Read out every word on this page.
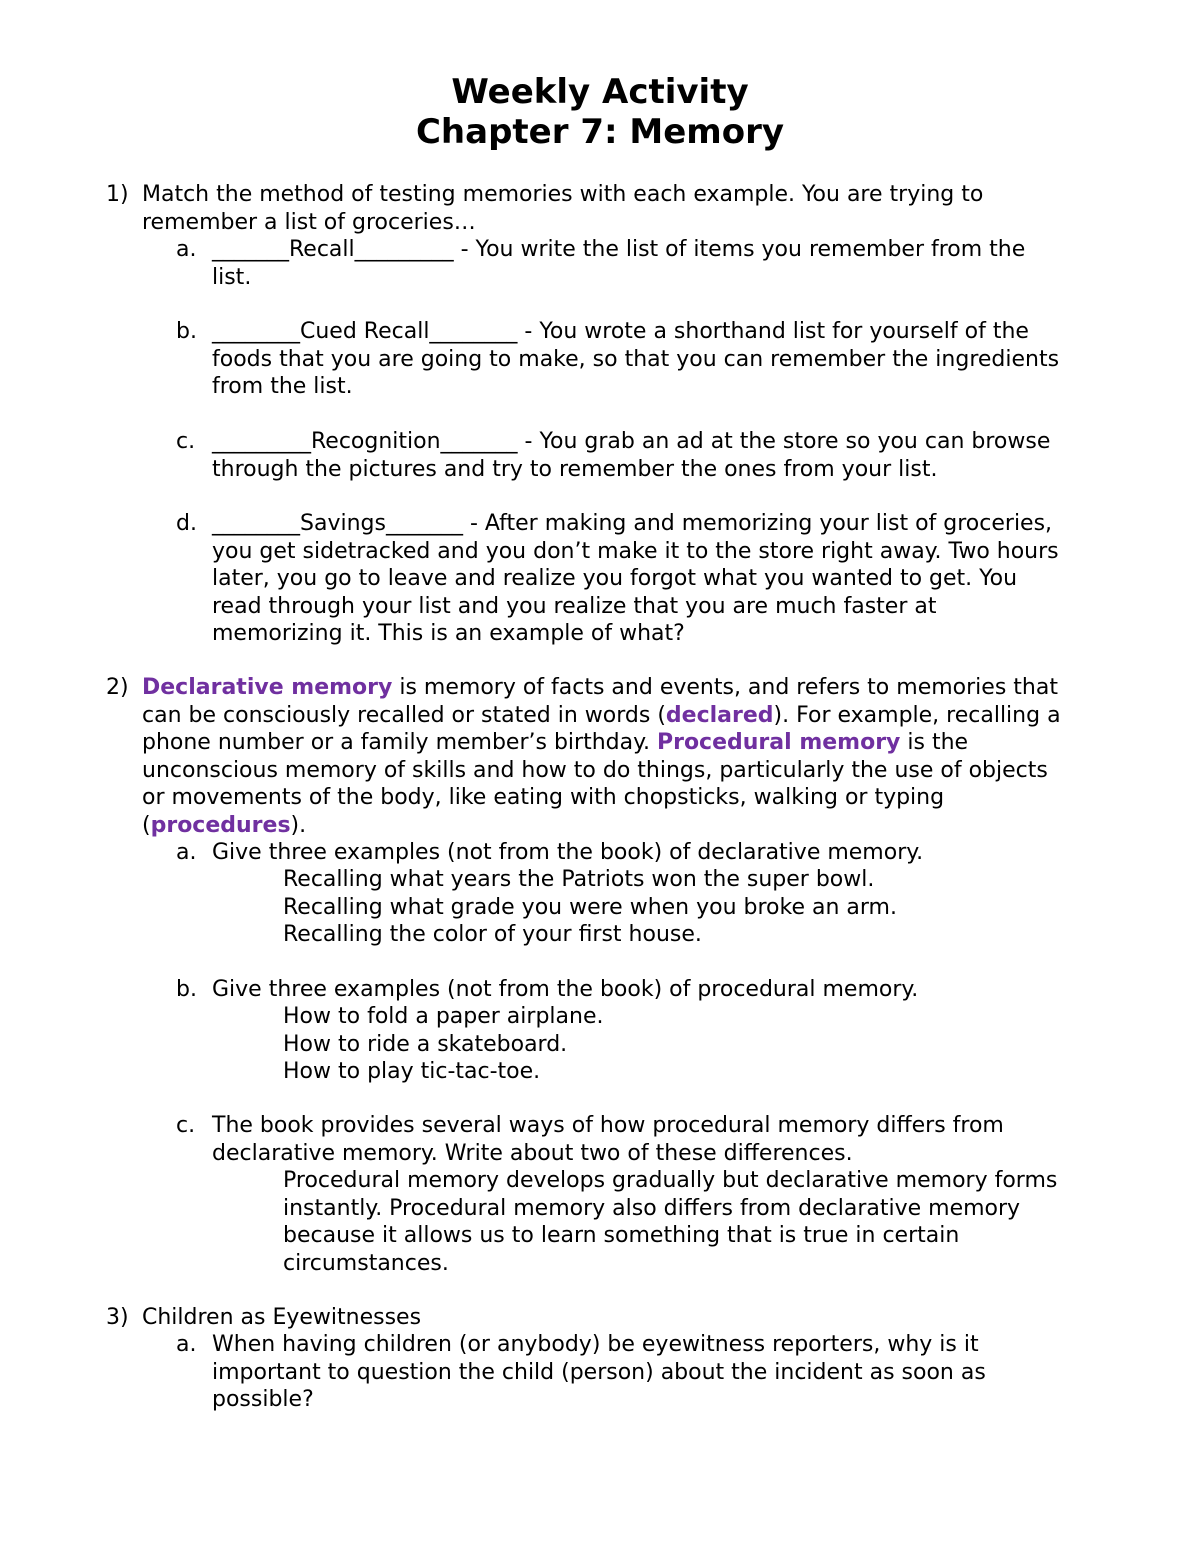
Weekly Activity
Chapter 7: Memory
1) Match the method of testing memories with each example. You are trying to
remember a list of groceries…
a. _______Recall_________ - You write the list of items you remember from the
list.
b. ________Cued Recall________ - You wrote a shorthand list for yourself of the
foods that you are going to make, so that you can remember the ingredients
from the list.
c. _________Recognition_______ - You grab an ad at the store so you can browse
through the pictures and try to remember the ones from your list.
d. ________Savings_______ - After making and memorizing your list of groceries,
you get sidetracked and you don’t make it to the store right away. Two hours
later, you go to leave and realize you forgot what you wanted to get. You
read through your list and you realize that you are much faster at
memorizing it. This is an example of what?
2) Declarative memory is memory of facts and events, and refers to memories that
can be consciously recalled or stated in words (declared). For example, recalling a
phone number or a family member’s birthday. Procedural memory is the
unconscious memory of skills and how to do things, particularly the use of objects
or movements of the body, like eating with chopsticks, walking or typing
(procedures).
a. Give three examples (not from the book) of declarative memory.
Recalling what years the Patriots won the super bowl.
Recalling what grade you were when you broke an arm.
Recalling the color of your first house.
b. Give three examples (not from the book) of procedural memory.
How to fold a paper airplane.
How to ride a skateboard.
How to play tic-tac-toe.
c. The book provides several ways of how procedural memory differs from
declarative memory. Write about two of these differences.
Procedural memory develops gradually but declarative memory forms
instantly. Procedural memory also differs from declarative memory
because it allows us to learn something that is true in certain
circumstances.
3) Children as Eyewitnesses
a. When having children (or anybody) be eyewitness reporters, why is it
important to question the child (person) about the incident as soon as
possible?
